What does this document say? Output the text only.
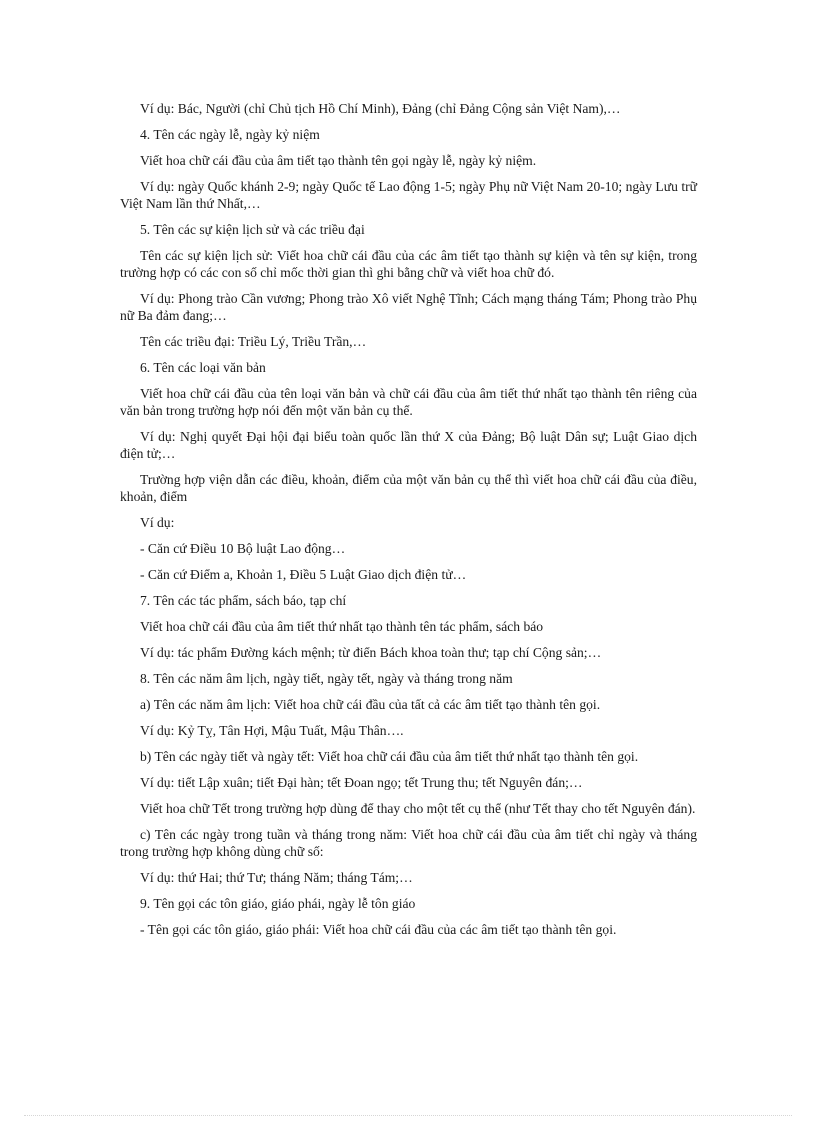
Ví dụ: Bác, Người (chỉ Chủ tịch Hồ Chí Minh), Đảng (chỉ Đảng Cộng sản Việt Nam),…

4. Tên các ngày lễ, ngày kỷ niệm

Viết hoa chữ cái đầu của âm tiết tạo thành tên gọi ngày lễ, ngày kỷ niệm.

Ví dụ: ngày Quốc khánh 2-9; ngày Quốc tế Lao động 1-5; ngày Phụ nữ Việt Nam 20-10; ngày Lưu trữ Việt Nam lần thứ Nhất,…

5. Tên các sự kiện lịch sử và các triều đại

Tên các sự kiện lịch sử: Viết hoa chữ cái đầu của các âm tiết tạo thành sự kiện và tên sự kiện, trong trường hợp có các con số chỉ mốc thời gian thì ghi bằng chữ và viết hoa chữ đó.

Ví dụ: Phong trào Cần vương; Phong trào Xô viết Nghệ Tĩnh; Cách mạng tháng Tám; Phong trào Phụ nữ Ba đảm đang;…

Tên các triều đại: Triều Lý, Triều Trần,…

6. Tên các loại văn bản

Viết hoa chữ cái đầu của tên loại văn bản và chữ cái đầu của âm tiết thứ nhất tạo thành tên riêng của văn bản trong trường hợp nói đến một văn bản cụ thể.

Ví dụ: Nghị quyết Đại hội đại biểu toàn quốc lần thứ X của Đảng; Bộ luật Dân sự; Luật Giao dịch điện tử;…

Trường hợp viện dẫn các điều, khoản, điểm của một văn bản cụ thể thì viết hoa chữ cái đầu của điều, khoản, điểm

Ví dụ:

- Căn cứ Điều 10 Bộ luật Lao động…

- Căn cứ Điểm a, Khoản 1, Điều 5 Luật Giao dịch điện tử…

7. Tên các tác phẩm, sách báo, tạp chí

Viết hoa chữ cái đầu của âm tiết thứ nhất tạo thành tên tác phẩm, sách báo

Ví dụ: tác phẩm Đường kách mệnh; từ điển Bách khoa toàn thư; tạp chí Cộng sản;…

8. Tên các năm âm lịch, ngày tiết, ngày tết, ngày và tháng trong năm

a) Tên các năm âm lịch: Viết hoa chữ cái đầu của tất cả các âm tiết tạo thành tên gọi.

Ví dụ: Kỷ Tỵ, Tân Hợi, Mậu Tuất, Mậu Thân….

b) Tên các ngày tiết và ngày tết: Viết hoa chữ cái đầu của âm tiết thứ nhất tạo thành tên gọi.

Ví dụ: tiết Lập xuân; tiết Đại hàn; tết Đoan ngọ; tết Trung thu; tết Nguyên đán;…

Viết hoa chữ Tết trong trường hợp dùng để thay cho một tết cụ thể (như Tết thay cho tết Nguyên đán).

c) Tên các ngày trong tuần và tháng trong năm: Viết hoa chữ cái đầu của âm tiết chỉ ngày và tháng trong trường hợp không dùng chữ số:

Ví dụ: thứ Hai; thứ Tư; tháng Năm; tháng Tám;…

9. Tên gọi các tôn giáo, giáo phái, ngày lễ tôn giáo

- Tên gọi các tôn giáo, giáo phái: Viết hoa chữ cái đầu của các âm tiết tạo thành tên gọi.
